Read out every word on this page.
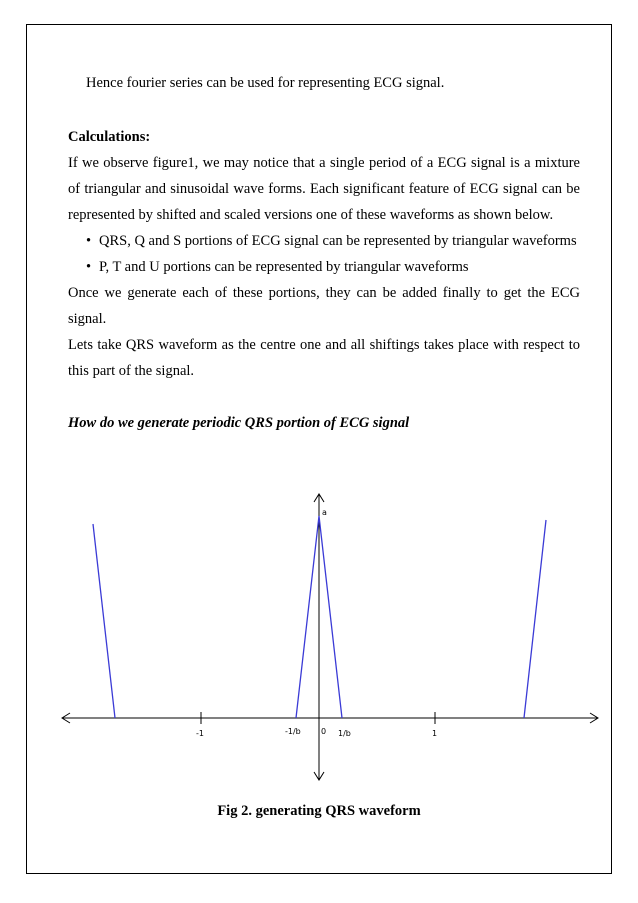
Hence fourier series can be used for representing ECG signal.

Calculations:

If we observe figure1, we may notice that a single period of a ECG signal is a mixture of triangular and sinusoidal wave forms. Each significant feature of ECG signal can be represented by shifted and scaled versions one of these waveforms as shown below.

• QRS, Q and S portions of ECG signal can be represented by triangular waveforms
• P, T and U portions can be represented by triangular waveforms

Once we generate each of these portions, they can be added finally to get the ECG signal.

Lets take QRS waveform as the centre one and all shiftings takes place with respect to this part of the signal.

How do we generate periodic QRS portion of ECG signal

a
-1	-1/b	0 1/b	1
Fig 2. generating QRS waveform
